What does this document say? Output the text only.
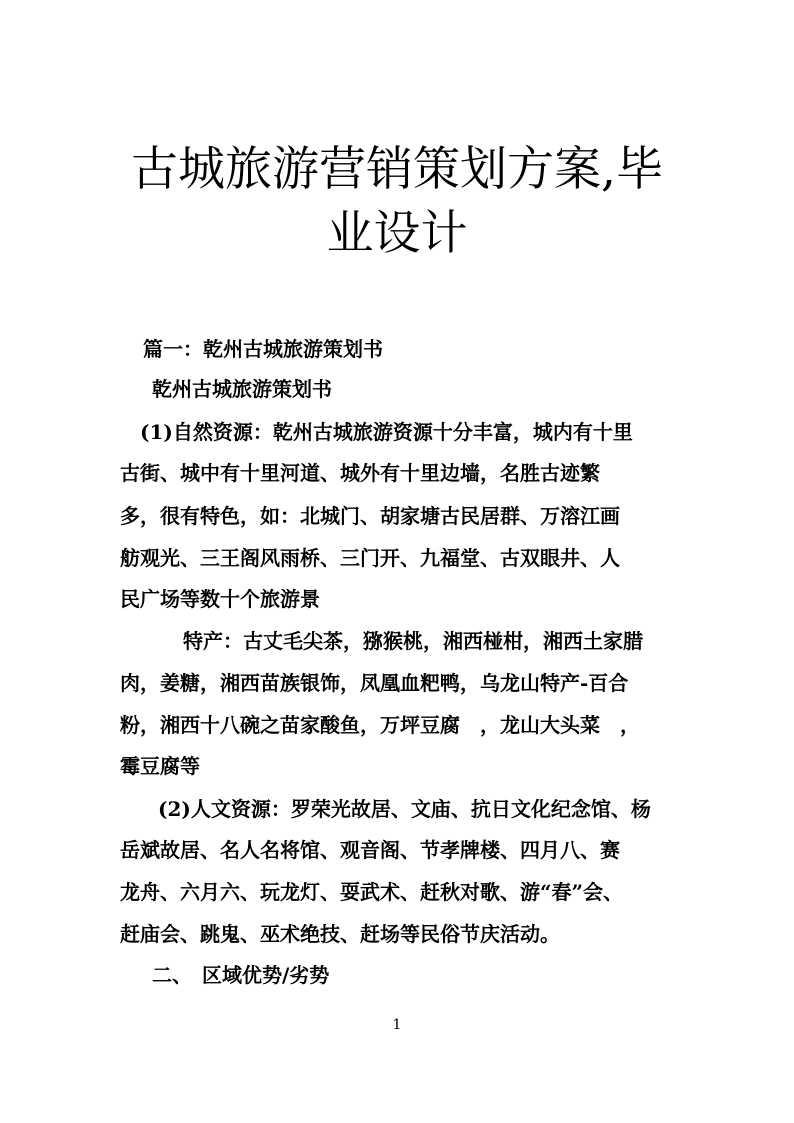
古城旅游营销策划方案,毕
业设计
篇一：乾州古城旅游策划书
乾州古城旅游策划书
(1)自然资源：乾州古城旅游资源十分丰富，城内有十里
古街、城中有十里河道、城外有十里边墙，名胜古迹繁
多，很有特色，如：北城门、胡家塘古民居群、万溶江画
舫观光、三王阁风雨桥、三门开、九福堂、古双眼井、人
民广场等数十个旅游景
特产：古丈毛尖茶，猕猴桃，湘西椪柑，湘西土家腊
肉，姜糖，湘西苗族银饰，凤凰血粑鸭，乌龙山特产-百合
粉，湘西十八碗之苗家酸鱼，万坪豆腐　，龙山大头菜　，
霉豆腐等
(2)人文资源：罗荣光故居、文庙、抗日文化纪念馆、杨
岳斌故居、名人名将馆、观音阁、节孝牌楼、四月八、赛
龙舟、六月六、玩龙灯、耍武术、赶秋对歌、游“春”会、
赶庙会、跳鬼、巫术绝技、赶场等民俗节庆活动。
二、　区域优势/劣势
1
